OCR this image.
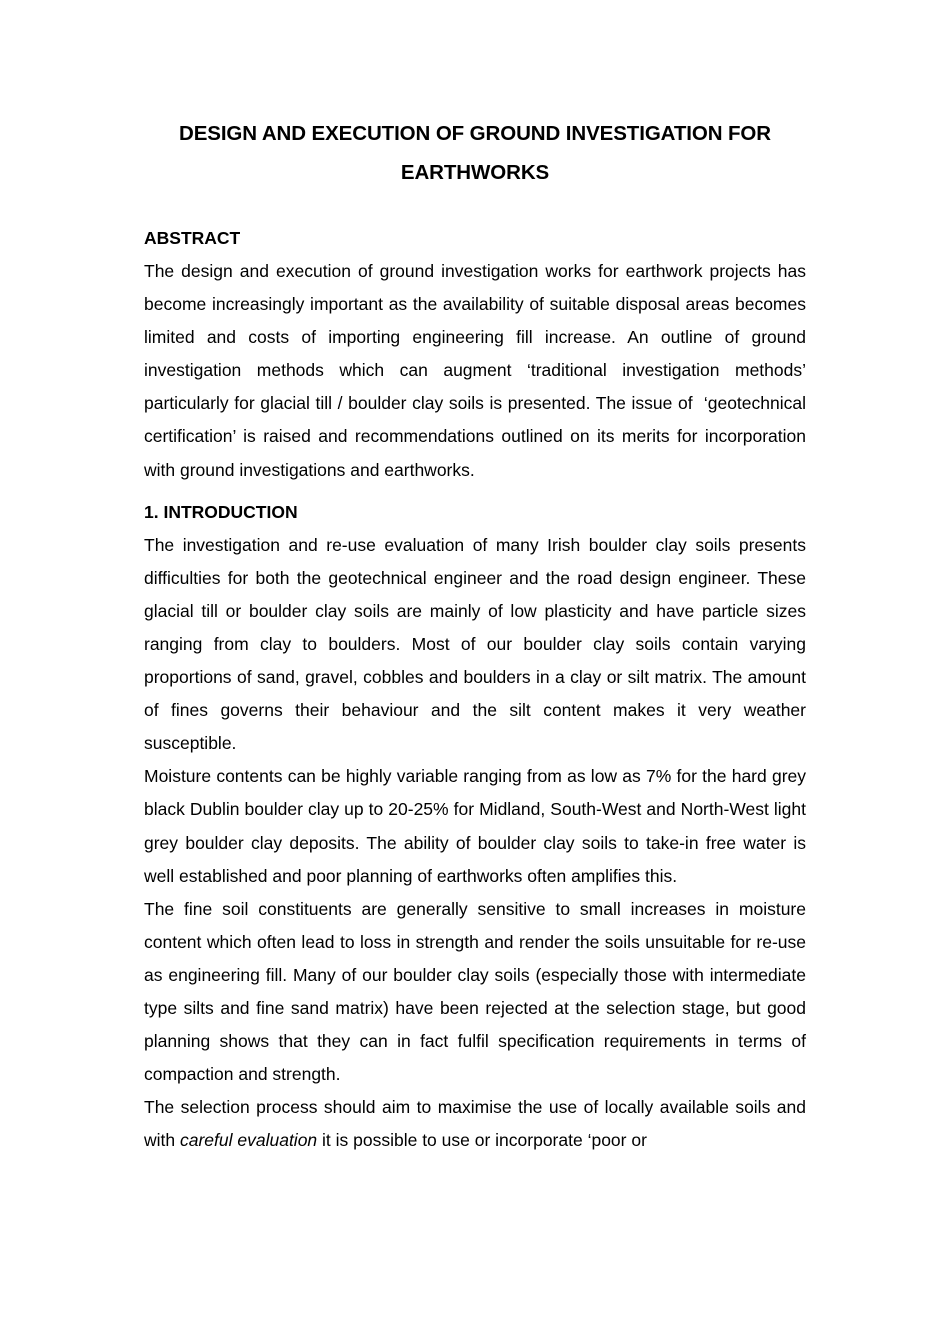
DESIGN AND EXECUTION OF GROUND INVESTIGATION FOR
EARTHWORKS
ABSTRACT

The design and execution of ground investigation works for earthwork projects has become increasingly important as the availability of suitable disposal areas becomes limited and costs of importing engineering fill increase. An outline of ground investigation methods which can augment ‘traditional investigation methods’ particularly for glacial till / boulder clay soils is presented. The issue of  ‘geotechnical certification’ is raised and recommendations outlined on its merits for incorporation with ground investigations and earthworks.

1. INTRODUCTION

The investigation and re-use evaluation of many Irish boulder clay soils presents difficulties for both the geotechnical engineer and the road design engineer. These glacial till or boulder clay soils are mainly of low plasticity and have particle sizes ranging from clay to boulders. Most of our boulder clay soils contain varying proportions of sand, gravel, cobbles and boulders in a clay or silt matrix. The amount of fines governs their behaviour and the silt content makes it very weather susceptible.

Moisture contents can be highly variable ranging from as low as 7% for the hard grey black Dublin boulder clay up to 20-25% for Midland, South-West and North-West light grey boulder clay deposits. The ability of boulder clay soils to take-in free water is well established and poor planning of earthworks often amplifies this.

The fine soil constituents are generally sensitive to small increases in moisture content which often lead to loss in strength and render the soils unsuitable for re-use as engineering fill. Many of our boulder clay soils (especially those with intermediate type silts and fine sand matrix) have been rejected at the selection stage, but good planning shows that they can in fact fulfil specification requirements in terms of compaction and strength.

The selection process should aim to maximise the use of locally available soils and with careful evaluation it is possible to use or incorporate ‘poor or
